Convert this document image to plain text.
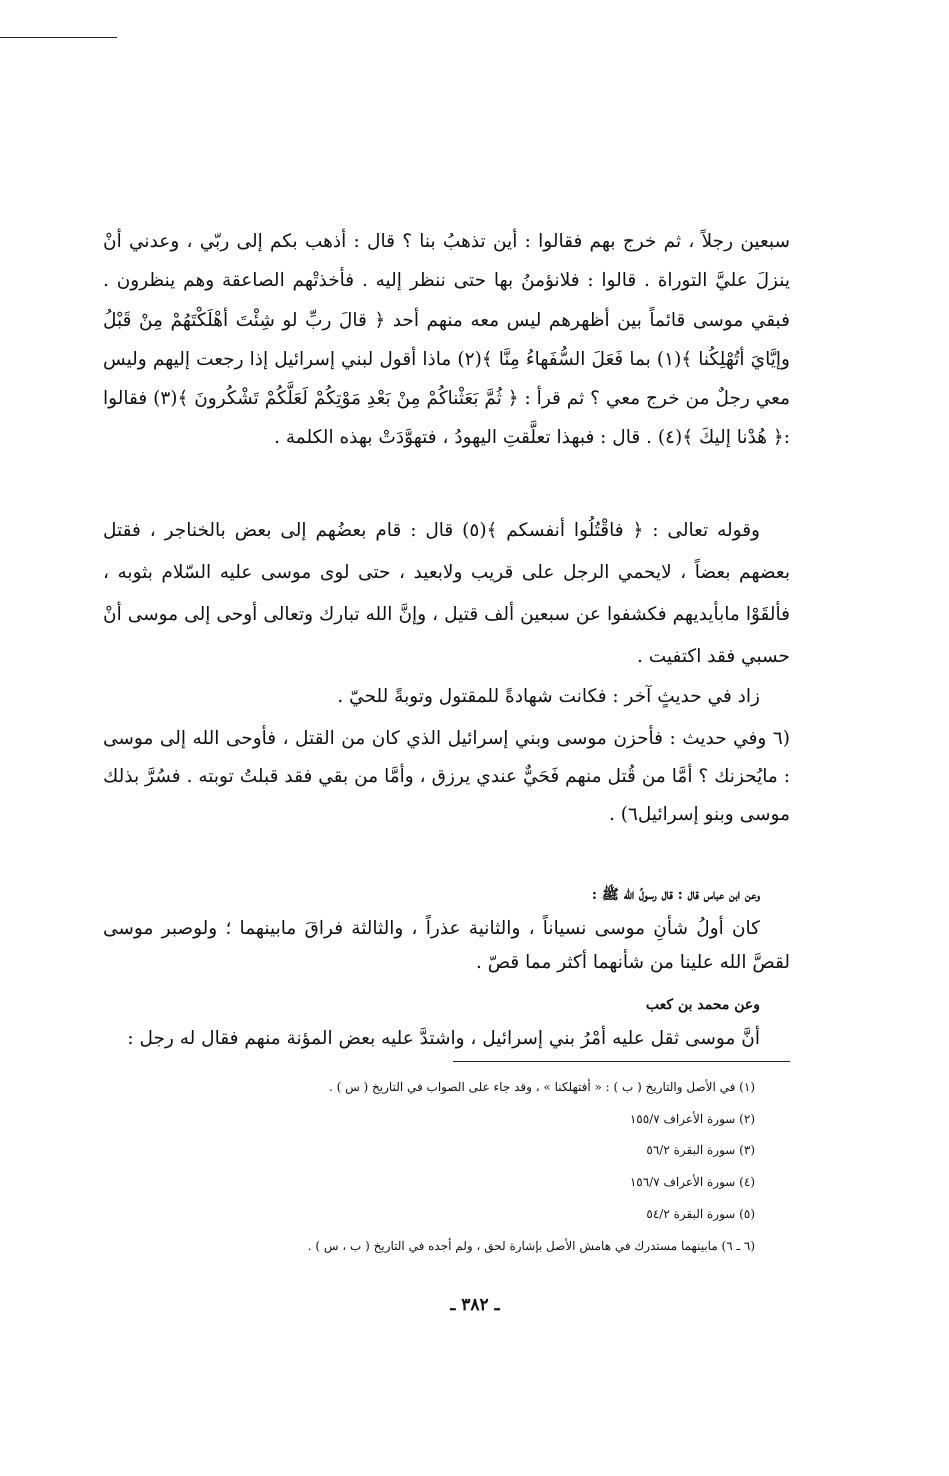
سبعين رجلاً ، ثم خرج بهم فقالوا : أين تذهبُ بنا ؟ قال : أذهب بكم إلى ربّي ، وعدني أنْ ينزلَ عليَّ التوراة . قالوا : فلانؤمنُ بها حتى ننظر إليه . فأخذتْهم الصاعقة وهم ينظرون . فبقي موسى قائماً بين أظهرهم ليس معه منهم أحد ﴿ قالَ ربِّ لو شِئْتَ أهْلَكْتَهُمْ مِنْ قَبْلُ وإيَّايَ أتُهْلِكُنا ﴾(١) بما فَعَلَ السُّفَهاءُ مِنَّا ﴾(٢) ماذا أقول لبني إسرائيل إذا رجعت إليهم وليس معي رجلٌ من خرج معي ؟ ثم قرأ : ﴿ ثُمَّ بَعَثْناكُمْ مِنْ بَعْدِ مَوْتِكُمْ لَعَلَّكُمْ تَشْكُرونَ ﴾(٣) فقالوا :﴿ هُدْنا إليكَ ﴾(٤) . قال : فبهذا تعلَّقتِ اليهودُ ، فتهوَّدَتْ بهذه الكلمة .

وقوله تعالى : ﴿ فاقْتُلُوا أنفسكم ﴾(٥) قال : قام بعضُهم إلى بعض بالخناجر ، فقتل بعضهم بعضاً ، لايحمي الرجل على قريب ولابعيد ، حتى لوى موسى عليه السّلام بثوبه ، فألقَوْا مابأيديهم فكشفوا عن سبعين ألف قتيل ، وإنَّ الله تبارك وتعالى أوحى إلى موسى أنْ حسبي فقد اكتفيت .

زاد في حديثٍ آخر : فكانت شهادةً للمقتول وتوبةً للحيّ .

(٦ وفي حديث : فأحزن موسى وبني إسرائيل الذي كان من القتل ، فأوحى الله إلى موسى : مايُحزنك ؟ أمَّا من قُتل منهم فَحَيٌّ عندي يرزق ، وأمَّا من بقي فقد قبلتُ توبته . فسُرَّ بذلك موسى وبنو إسرائيل٦) .

وعن ابن عباس قال : قال رسولُ الله ﷺ :

كان أولُ شأنِ موسى نسياناً ، والثانية عذراً ، والثالثة فراقَ مابينهما ؛ ولوصبر موسى لقصَّ الله علينا من شأنهما أكثر مما قصّ .

وعن محمد بن كعب

أنَّ موسى ثقل عليه أمْرُ بني إسرائيل ، واشتدَّ عليه بعض المؤنة منهم فقال له رجل :

(١) في الأصل والتاريخ ( ب ) : « أفتهلكنا » ، وقد جاء على الصواب في التاريخ ( س ) .
(٢) سورة الأعراف ١٥٥/٧
(٣) سورة البقرة ٥٦/٢
(٤) سورة الأعراف ١٥٦/٧
(٥) سورة البقرة ٥٤/٢
(٦ ـ ٦) مابينهما مستدرك في هامش الأصل بإشارة لحق ، ولم أجده في التاريخ ( ب ، س ) .
ـ ٣٨٢ ـ
